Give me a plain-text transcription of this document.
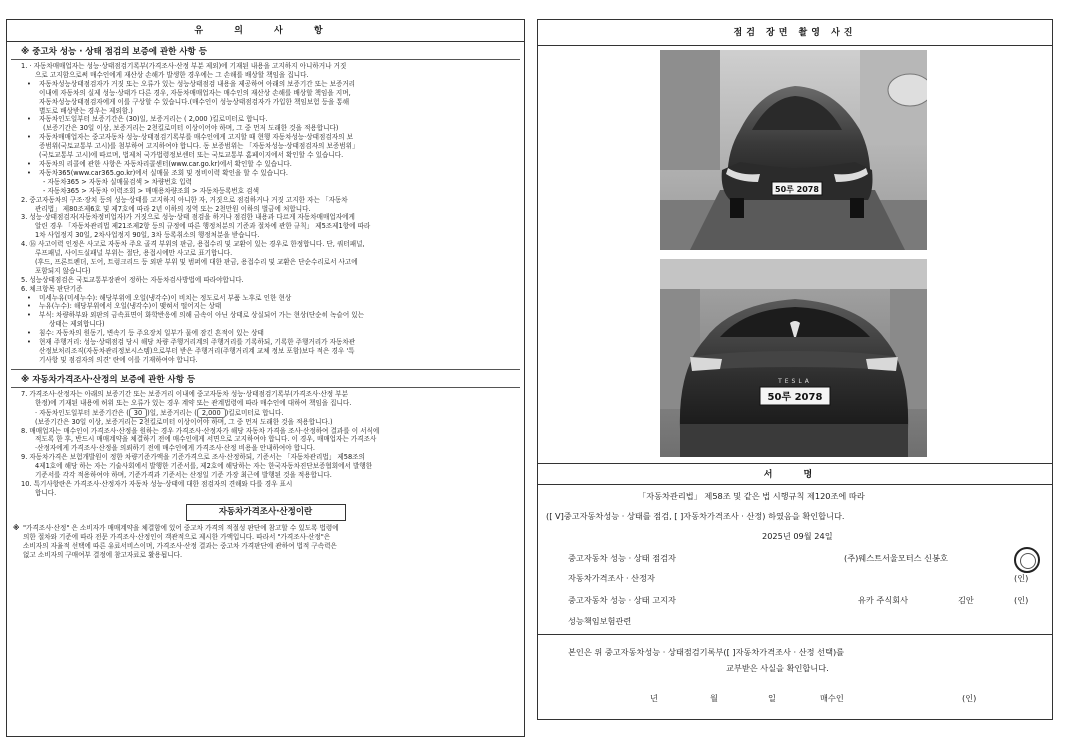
유 의 사 항
※ 중고차 성능 · 상태 점검의 보증에 관한 사항 등
1. · 자동차매매업자는 성능·상태점검기록부(가격조사·산정 부분 제외)에 기재된 내용을 고지하지 아니하거나 거짓
으로 고지함으로써 매수인에게 재산상 손해가 발생한 경우에는 그 손해를 배상할 책임을 집니다.
• 자동차성능상태점검자가 거짓 또는 오류가 있는 성능상태점검 내용을 제공하여 아래의 보증기간 또는 보증거리
이내에 자동차의 실제 성능·상태가 다른 경우, 자동차매매업자는 매수인의 재산상 손해를 배상할 책임을 지며,
자동차성능상태점검자에게 이를 구상할 수 있습니다.(매수인이 성능상태점검자가 가입한 책임보험 등을 통해
별도로 배상받는 경우는 제외함.)
• 자동차인도일부터 보증기간은 (30)일, 보증거리는 ( 2,000 )킬로미터로 합니다.
(보증기간은 30일 이상, 보증거리는 2천킬로미터 이상이어야 하며, 그 중 먼저 도래한 것을 적용합니다)
• 자동차매매업자는 중고자동차 성능·상태점검기록부를 매수인에게 고지할 때 현행 자동차성능·상태점검자의 보
증범위(국토교통부 고시)를 첨부하여 고지하여야 합니다. 동 보증범위는 「자동차성능·상태점검자의 보증범위」
(국토교통부 고시)에 따르며, 법제처 국가법령정보센터 또는 국토교통부 홈페이지에서 확인할 수 있습니다.
• 자동차의 리콜에 관한 사항은 자동차리콜센터(www.car.go.kr)에서 확인할 수 있습니다.
• 자동차365(www.car365.go.kr)에서 실매물 조회 및 정비이력 확인을 할 수 있습니다.
- 자동차365 > 자동차 실매물검색 > 차량번호 입력
- 자동차365 > 자동차 이력조회 > 매매용차량조회 > 자동차등록번호 검색
2. 중고자동차의 구조·장치 등의 성능·상태를 고지하지 아니한 자, 거짓으로 점검하거나 거짓 고지한 자는 「자동차
관리법」 제80조제6호 및 제7호에 따라 2년 이하의 징역 또는 2천만원 이하의 벌금에 처합니다.
3. 성능·상태점검자(자동차정비업자)가 거짓으로 성능·상태 점검을 하거나 점검한 내용과 다르게 자동차매매업자에게
알린 경우 「자동차관리법 제21조제2항 등의 규정에 따른 행정처분의 기준과 절차에 관한 규칙」 제5조제1항에 따라
1차 사업정지 30일, 2차사업정지 90일, 3차 등록취소의 행정처분을 받습니다.
4. ⑯ 사고이력 인정은 사고로 자동차 주요 골격 부위의 판금, 용접수리 및 교환이 있는 경우로 한정합니다. 단, 쿼터패널,
루프패널, 사이드실패널 부위는 절단, 용접시에만 사고로 표기합니다.
(후드, 프론트펜더, 도어, 트렁크리드 등 외판 부위 및 범퍼에 대한 판금, 용접수리 및 교환은 단순수리로서 사고에
포함되지 않습니다)
5. 성능상태점검은 국토교통부장관이 정하는 자동차검사방법에 따라야합니다.
6. 체크항목 판단기준
• 미세누유(미세누수): 해당부위에 오일(냉각수)이 비치는 정도로서 부품 노후로 인한 현상
• 누유(누수): 해당부위에서 오일(냉각수)이 맺혀서 떨어지는 상태
• 부식: 차량하부와 외판의 금속표면이 화학반응에 의해 금속이 아닌 상태로 상실되어 가는 현상(단순히 녹슬어 있는
상태는 제외합니다)
• 침수: 자동차의 원동기, 변속기 등 주요장치 일부가 물에 잠긴 흔적이 있는 상태
• 현재 주행거리: 성능·상태점검 당시 해당 차량 주행거리계의 주행거리를 기록하되, 기록한 주행거리가 자동차관
산정보처리조직(자동차관리정보시스템)으로부터 받은 주행거리(주행거리계 교체 정보 포함)보다 적은 경우 '특
기사항 및 점검자의 의견' 란에 이를 기재하여야 합니다.
※ 자동차가격조사·산정의 보증에 관한 사항 등
7. 가격조사·산정자는 아래의 보증기간 또는 보증거리 이내에 중고자동차 성능·상태점검기록부(가격조사·산정 부분
한정)에 기재된 내용에 허위 또는 오류가 있는 경우 계약 또는 관계법령에 따라 매수인에 대하여 책임을 집니다.
· 자동차인도일부터 보증기간은 ( 30 )일, 보증거리는 ( 2,000 )킬로미터로 합니다.
(보증기간은 30일 이상, 보증거리는 2천킬로미터 이상이어야 하며, 그 중 먼저 도래한 것을 적용합니다.)
8. 매매업자는 매수인이 가격조사·산정을 원하는 경우 가격조사·산정자가 해당 자동차 가격을 조사·산정하여 결과를 이 서식에
적도록 한 후, 반드시 매매계약을 체결하기 전에 매수인에게 서면으로 고지하여야 합니다. 이 경우, 매매업자는 가격조사
·산정자에게 가격조사·산정을 의뢰하기 전에 매수인에게 가격조사·산정 비용을 안내하여야 합니다.
9. 자동차가격은 보험개발원이 정한 차량기준가액을 기준가격으로 조사·산정하되, 기준서는 「자동차관리법」 제58조의
4제1호에 해당 하는 자는 기술사회에서 발행한 기준서를, 제2호에 해당하는 자는 한국자동차진단보증협회에서 발행한
기준서를 각각 적용하여야 하며, 기준가격과 기준서는 산정일 기준 가장 최근에 발행된 것을 적용합니다.
10. 특기사항란은 가격조사·산정자가 자동차 성능·상태에 대한 점검자의 견해와 다를 경우 표시
합니다.
자동차가격조사·산정이란
※ "가격조사·산정" 은 소비자가 매매계약을 체결함에 있어 중고차 가격의 적절성 판단에 참고할 수 있도록 법령에
의한 절차와 기준에 따라 전문 가격조사·산정인이 객관적으로 제시한 가액입니다. 따라서 "가격조사·산정"은
소비자의 자율적 선택에 따른 유료서비스이며, 가격조사·산정 결과는 중고차 가격판단에 관하여 법적 구속력은
없고 소비자의 구매여부 결정에 참고자료로 활용됩니다.
점검 장면 촬영 사진
50루 2078
TESLA
50루 2078
서 명
「자동차관리법」 제58조 및 같은 법 시행규칙 제120조에 따라
([ V]중고자동차성능 · 상태를 점검, [ ]자동차가격조사 · 산정) 하였음을 확인합니다.
2025년 09월 24일
중고자동차 성능 · 상태 점검자	(주)웨스트서울모터스 신봉호
자동차가격조사 · 산정자	(인)
중고자동차 성능 · 상태 고지자	유카 주식회사	김안	(인)
성능책임보험관련
본인은 위 중고자동차성능 · 상태점검기록부([ ]자동차가격조사 · 산정 선택)를
교부받은 사실을 확인합니다.
년	월	일	매수인	(인)
